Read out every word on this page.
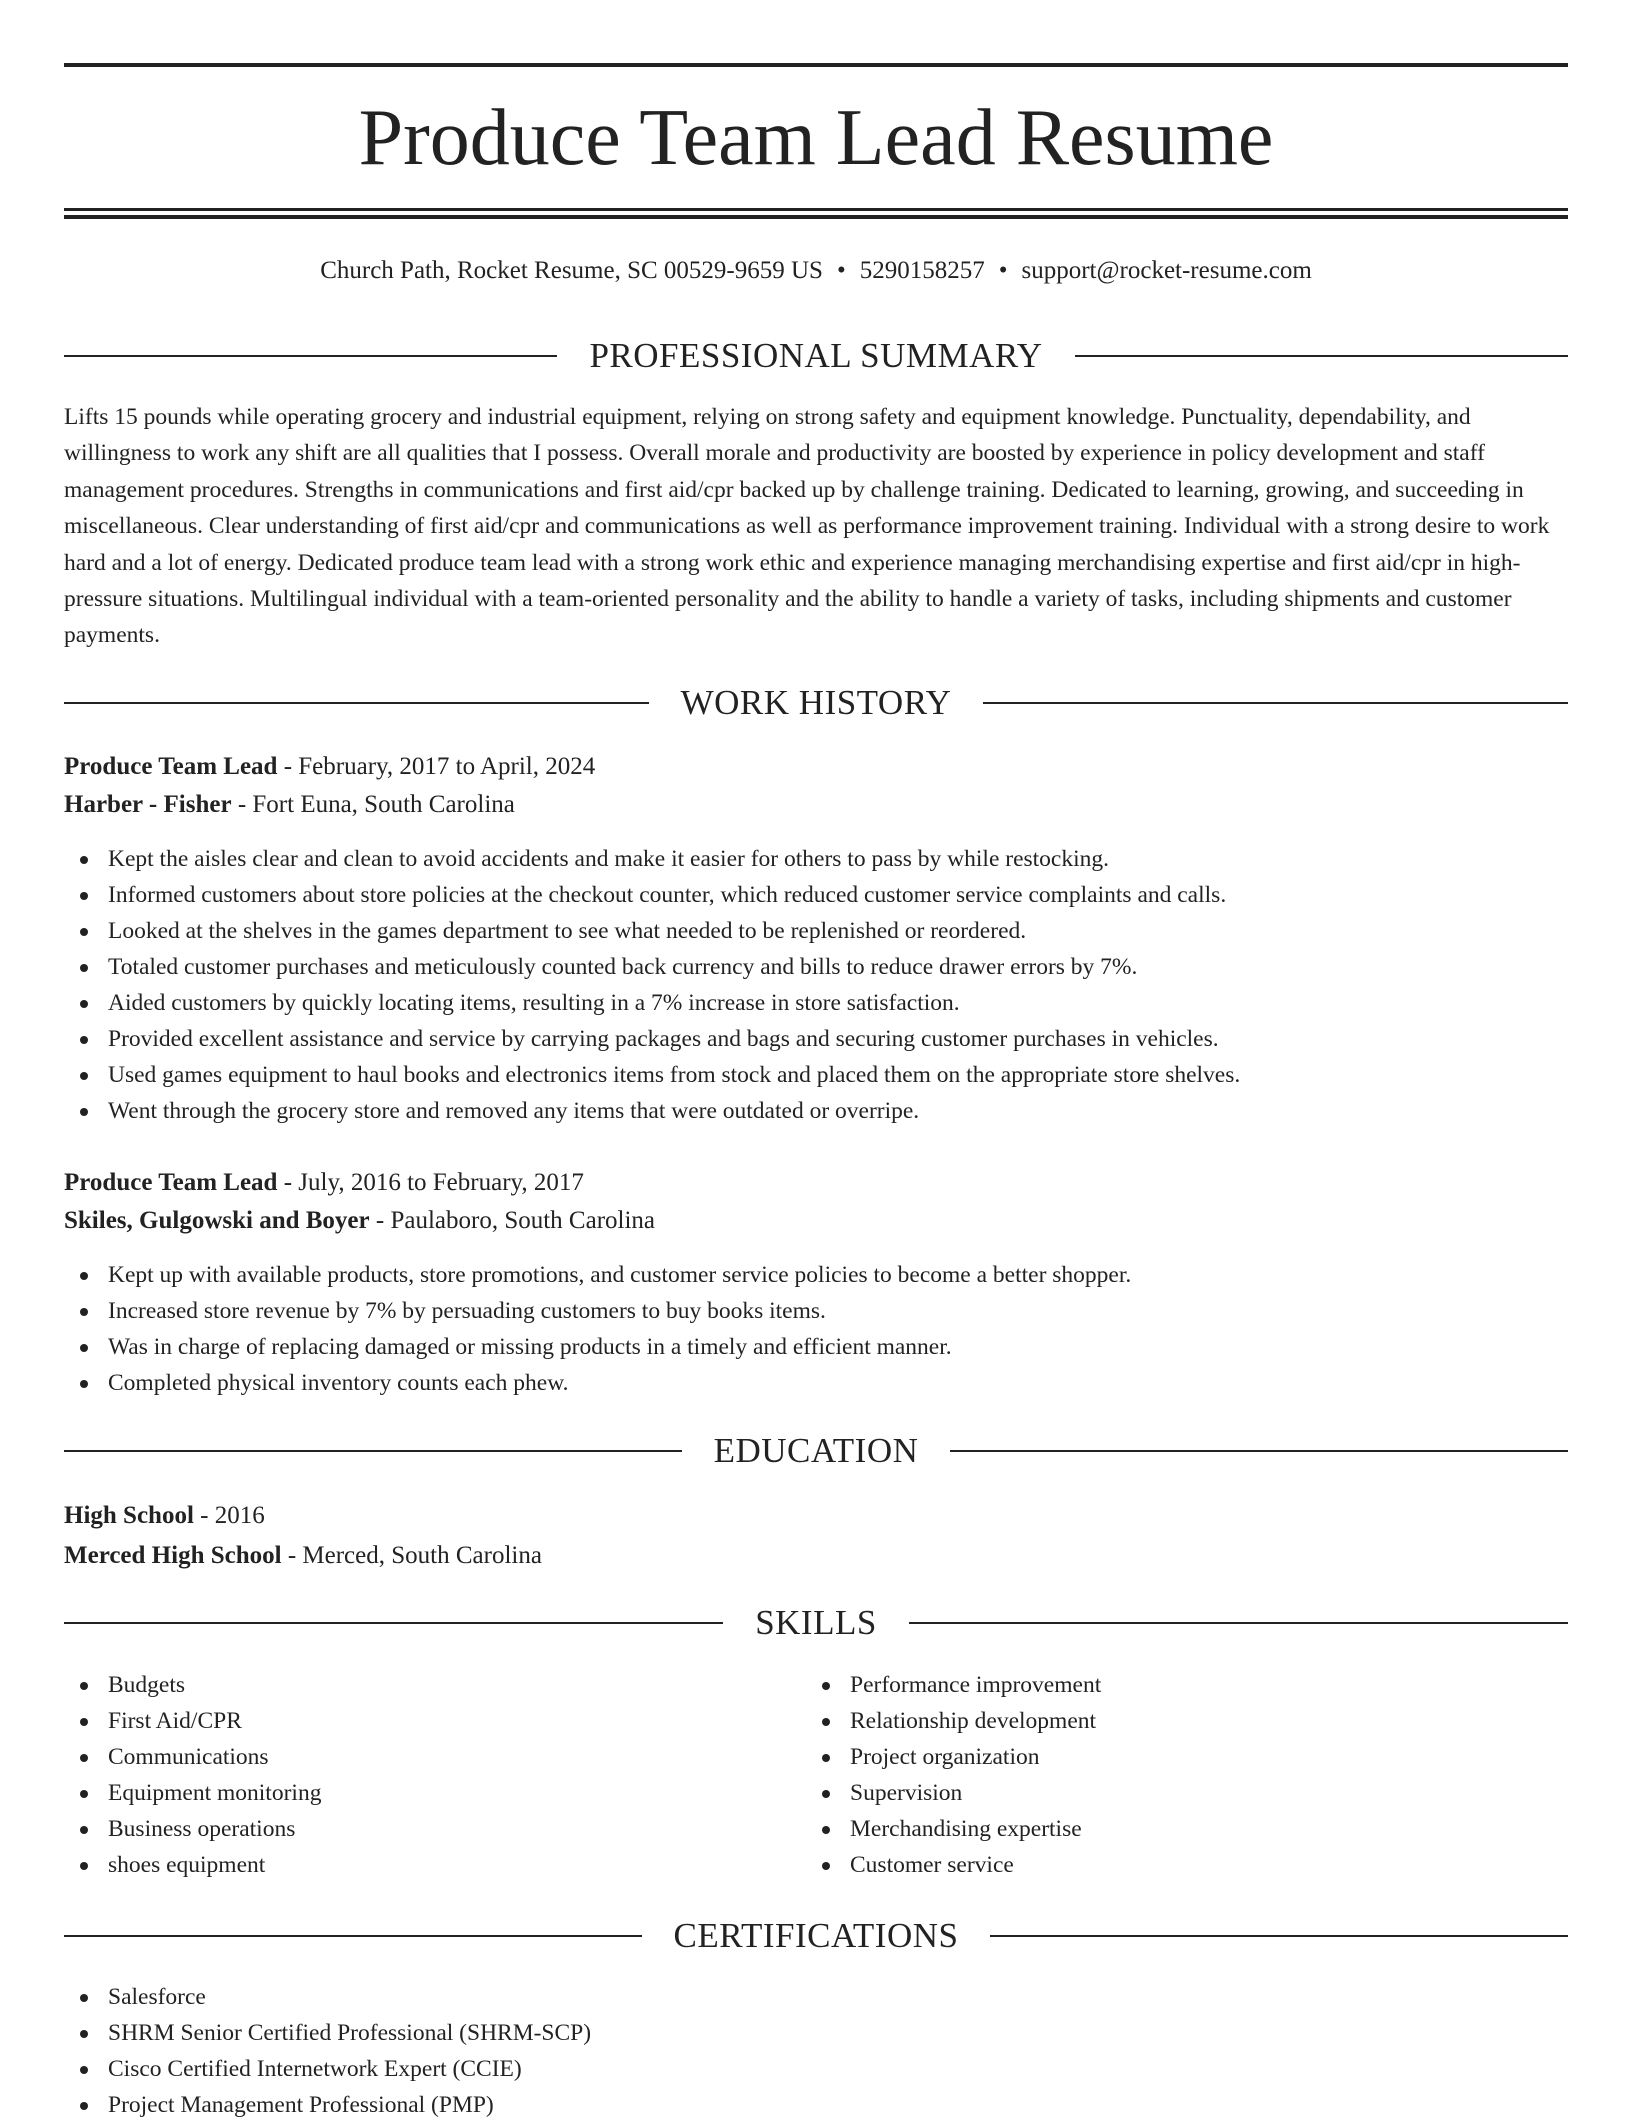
Produce Team Lead Resume
Church Path, Rocket Resume, SC 00529-9659 US • 5290158257 • support@rocket-resume.com
PROFESSIONAL SUMMARY

Lifts 15 pounds while operating grocery and industrial equipment, relying on strong safety and equipment knowledge. Punctuality, dependability, and willingness to work any shift are all qualities that I possess. Overall morale and productivity are boosted by experience in policy development and staff management procedures. Strengths in communications and first aid/cpr backed up by challenge training. Dedicated to learning, growing, and succeeding in miscellaneous. Clear understanding of first aid/cpr and communications as well as performance improvement training. Individual with a strong desire to work hard and a lot of energy. Dedicated produce team lead with a strong work ethic and experience managing merchandising expertise and first aid/cpr in high-pressure situations. Multilingual individual with a team-oriented personality and the ability to handle a variety of tasks, including shipments and customer payments.

WORK HISTORY
Produce Team Lead - February, 2017 to April, 2024
Harber - Fisher - Fort Euna, South Carolina
Kept the aisles clear and clean to avoid accidents and make it easier for others to pass by while restocking.
Informed customers about store policies at the checkout counter, which reduced customer service complaints and calls.
Looked at the shelves in the games department to see what needed to be replenished or reordered.
Totaled customer purchases and meticulously counted back currency and bills to reduce drawer errors by 7%.
Aided customers by quickly locating items, resulting in a 7% increase in store satisfaction.
Provided excellent assistance and service by carrying packages and bags and securing customer purchases in vehicles.
Used games equipment to haul books and electronics items from stock and placed them on the appropriate store shelves.
Went through the grocery store and removed any items that were outdated or overripe.
Produce Team Lead - July, 2016 to February, 2017
Skiles, Gulgowski and Boyer - Paulaboro, South Carolina
Kept up with available products, store promotions, and customer service policies to become a better shopper.
Increased store revenue by 7% by persuading customers to buy books items.
Was in charge of replacing damaged or missing products in a timely and efficient manner.
Completed physical inventory counts each phew.
EDUCATION
High School - 2016
Merced High School - Merced, South Carolina
SKILLS
Budgets
First Aid/CPR
Communications
Equipment monitoring
Business operations
shoes equipment
Performance improvement
Relationship development
Project organization
Supervision
Merchandising expertise
Customer service
CERTIFICATIONS
Salesforce
SHRM Senior Certified Professional (SHRM-SCP)
Cisco Certified Internetwork Expert (CCIE)
Project Management Professional (PMP)
